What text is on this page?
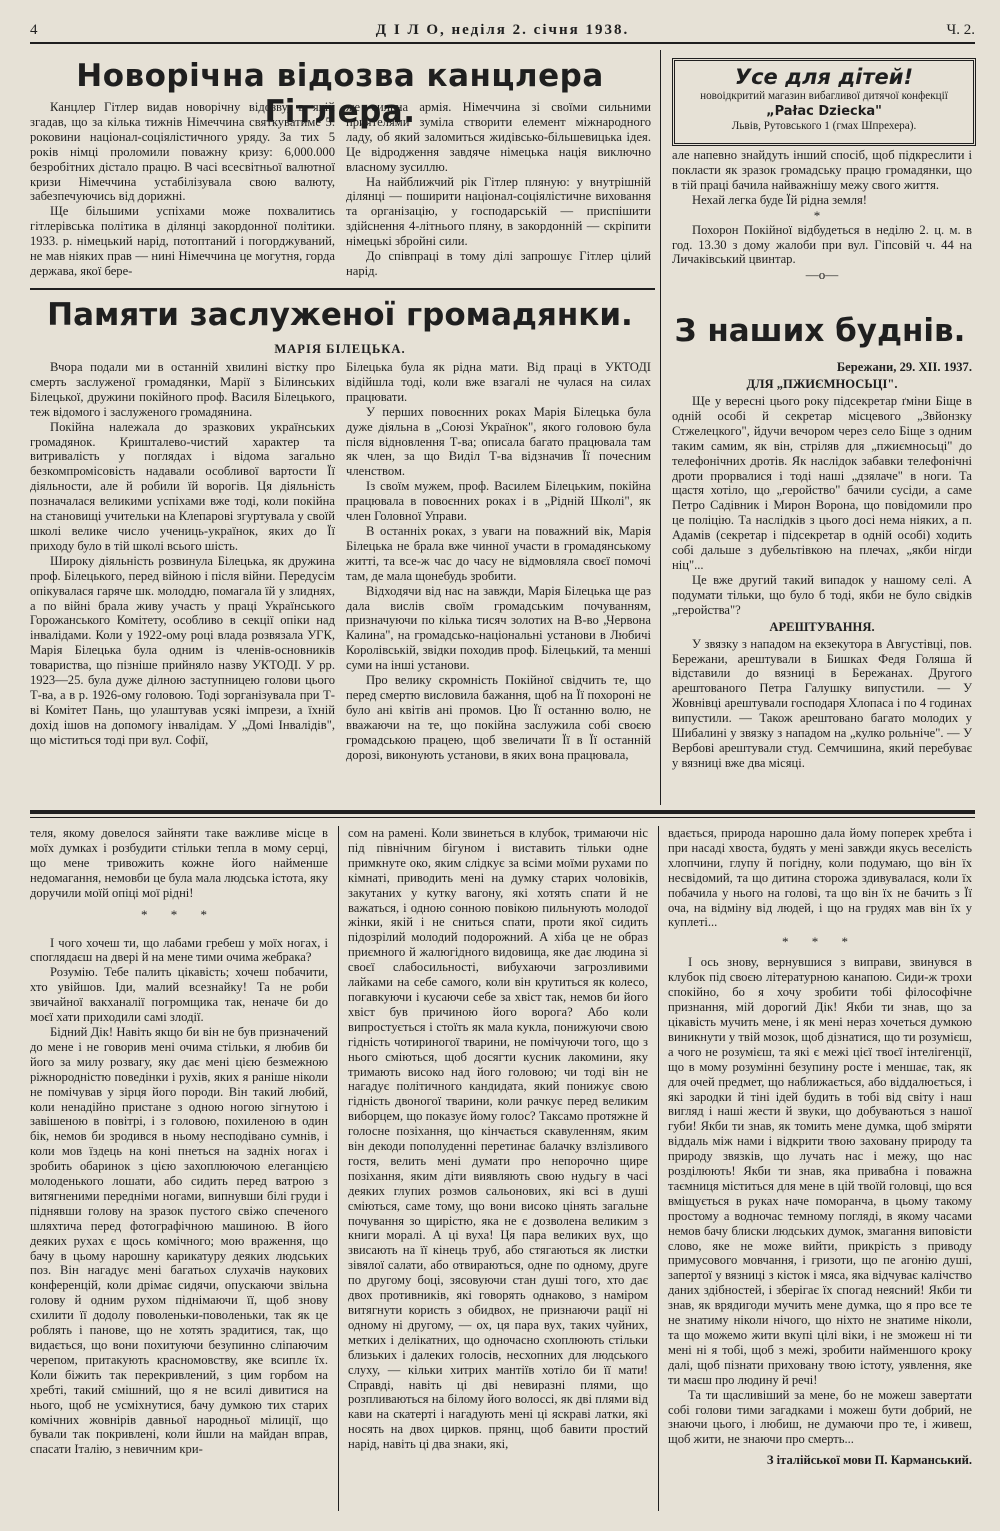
4	Д І Л О, неділя 2. січня 1938.	Ч. 2.
Новорічна відозва канцлера Гітлера.

Канцлер Гітлер видав новорічну відозву, в якій згадав, що за кілька тижнів Німеччина святкуватиме 5. роковини націонал-соціялістичного уряду. За тих 5 років німці проломили поважну кризу: 6,000.000 безробітних дістало працю. В часі всесвітньої валютної кризи Німеччина устабілізувала свою валюту, забезпечуючись від дорижні.

Ще більшими успіхами може похвалитись гітлерівська політика в ділянці закордонної політики. 1933. р. німецький нарід, потоптаний і погорджуваний, не мав ніяких прав — нині Німеччина це могутня, горда держава, якої бере-

же сильна армія. Німеччина зі своїми сильними приятелями зуміла створити елемент міжнародного ладу, об який заломиться жидівсько-більшевицька ідея. Це відродження завдяче німецька нація виключно власному зусиллю.

На найближчий рік Гітлер пляную: у внутрішній ділянці — поширити націонал-соціялістичне виховання та організацію, у господарській — приспішити здійснення 4-літнього пляну, в закордонній — скріпити німецькі збройні сили.

До співпраці в тому ділі запрошує Гітлер цілий нарід.

Усе для дітей!
новоідкритий магазин вибагливої дитячої конфекції
„Pałac Dziecka"
Львів, Рутовського 1 (гмах Шпрехера).

але напевно знайдуть інший спосіб, щоб підкреслити і покласти як зразок громадську працю громадянки, що в тій праці бачила найважнішу межу свого життя.

Нехай легка буде Їй рідна земля!

*

Похорон Покійної відбудеться в неділю 2. ц. м. в год. 13.30 з дому жалоби при вул. Гіпсовій ч. 44 на Личаківський цвинтар.

—o—
Памяти заслуженої громадянки.
МАРІЯ БІЛЕЦЬКА.

Вчора подали ми в останній хвилині вістку про смерть заслуженої громадянки, Марії з Білинських Білецької, дружини покійного проф. Василя Білецького, теж відомого і заслуженого громадянина.

Покійна належала до зразкових українських громадянок. Кришталево-чистий характер та витривалість у поглядах і відома загально безкомпромісовість надавали особливої вартости Її діяльности, але й робили їй ворогів. Ця діяльність позначалася великими успіхами вже тоді, коли покійна на становищі учительки на Клепарові згуртувала у своїй школі велике число учениць-українок, яких до Її приходу було в тій школі всього шість.

Широку діяльність розвинула Білецька, як дружина проф. Білецького, перед війною і після війни. Передусім опікувалася гаряче шк. молоддю, помагала їй у злиднях, а по війні брала живу участь у праці Українського Горожанського Комітету, особливо в секції опіки над інвалідами. Коли у 1922-ому році влада розвязала УГК, Марія Білецька була одним із членів-основників товариства, що пізніше прийняло назву УКТОДІ. У рр. 1923—25. була дуже ділною заступницею голови цього Т-ва, а в р. 1926-ому головою. Тоді зорганізувала при Т-ві Комітет Пань, що улаштував усякі імпрези, а їхній дохід ішов на допомогу інвалідам. У „Домі Інвалідів", що міститься тоді при вул. Софії,

Білецька була як рідна мати. Від праці в УКТОДІ відійшла тоді, коли вже взагалі не чулася на силах працювати.

У перших повоєнних роках Марія Білецька була дуже діяльна в „Союзі Українок", якого головою була після відновлення Т-ва; описала багато працювала там як член, за що Виділ Т-ва відзначив Її почесним членством.

Із своїм мужем, проф. Василем Білецьким, покійна працювала в повоєнних роках і в „Рідній Школі", як член Головної Управи.

В останніх роках, з уваги на поважний вік, Марія Білецька не брала вже чинної участи в громадянському житті, та все-ж час до часу не відмовляла своєї помочі там, де мала щонебудь зробити.

Відходячи від нас на завжди, Марія Білецька ще раз дала вислів своїм громадським почуванням, призначуючи по кілька тисяч золотих на В-во „Червона Калина", на громадсько-національні установи в Любичі Королівській, звідки походив проф. Білецький, та менші суми на інші установи.

Про велику скромність Покійної свідчить те, що перед смертю висловила бажання, щоб на Її похороні не було ані квітів ані промов. Цю Її останню волю, не вважаючи на те, що покійна заслужила собі своєю громадською працею, щоб звеличати Її в Її останній дорозі, виконують установи, в яких вона працювала,

З наших буднів.
Бережани, 29. XII. 1937.
ДЛЯ „ПЖИЄМНОСЬЦІ".

Ще у вересні цього року підсекретар ґміни Біще в одній особі й секретар місцевого „Звйонзку Стжелецкого", йдучи вечором через село Біще з одним таким самим, як він, стріляв для „пжиємносьці" до телефонічних дротів. Як наслідок забавки телефонічні дроти прорвалися і тоді наші „дзялаче" в ноги. Та щастя хотіло, що „геройство" бачили сусіди, а саме Петро Садівник і Мирон Ворона, що повідомили про це поліцію. Та наслідків з цього досі нема ніяких, а п. Адамів (секретар і підсекретар в одній особі) ходить собі дальше з дубельтівкою на плечах, „якби нігди ніц"...

Це вже другий такий випадок у нашому селі. А подумати тільки, що було б тоді, якби не було свідків „геройства"?

АРЕШТУВАННЯ.

У звязку з нападом на екзекутора в Августівці, пов. Бережани, арештували в Бишках Федя Голяша й відставили до вязниці в Бережанах. Другого арештованого Петра Галушку випустили. — У Жовнівці арештували господаря Хлопаса і по 4 годинах випустили. — Також арештовано багато молодих у Шибалині у звязку з нападом на „кулко рольніче". — У Вербові арештували студ. Семчишина, який перебуває у вязниці вже два місяці.

теля, якому довелося зайняти таке важливе місце в моїх думках і розбудити стільки тепла в мому серці, що мене тривожить кожне його найменше недомагання, немовби це була мала людська істота, яку доручили моїй опіці мої рідні!

* * *

І чого хочеш ти, що лабами гребеш у моїх ногах, і споглядаєш на двері й на мене тими очима жебрака?

Розумію. Тебе палить цікавість; хочеш побачити, хто увійшов. Іди, малий всезнайку! Та не роби звичайної вакханалії погромщика так, неначе би до моєї хати приходили самі злодії.

Бідний Дік! Навіть якщо би він не був призначений до мене і не говорив мені очима стільки, я любив би його за милу розвагу, яку дає мені цією безмежною ріжнородністю поведінки і рухів, яких я раніше ніколи не помічував у зірця його породи. Він такий любий, коли ненадійно пристане з одною ногою зігнутою і завішеною в повітрі, і з головою, похиленою в один бік, немов би зродився в ньому несподівано сумнів, і коли мов їздець на коні пнеться на задніх ногах і зробить обаринок з цією захоплюючою елеганцією молоденького лошати, або сидить перед ватрою з витягненими передніми ногами, випнувши білі груди і піднявши голову на зразок пустого свіжо спеченого шляхтича перед фотографічною машиною. В його деяких рухах є щось комічного; мою враження, що бачу в цьому нарошну карикатуру деяких людських поз. Він нагадує мені багатьох слухачів наукових конференцій, коли дрімає сидячи, опускаючи звільна голову й одним рухом піднімаючи її, щоб знову схилити її додолу поволеньки-поволеньки, так як це роблять і панове, що не хотять зрадитися, так, що видається, що вони похитуючи безупинно сліпаючим черепом, притакують красномовству, яке всиплє їх. Коли біжить так перекривлений, з цим горбом на хребті, такий смішний, що я не всилі дивитися на нього, щоб не усміхнутися, бачу думкою тих старих комічних жовнірів давньої народньої мілиції, що бували так покривлені, коли йшли на майдан вправ, спасати Італію, з невичним кри-

сом на рамені. Коли звинеться в клубок, тримаючи ніс під північним бігуном і виставить тільки одне примкнуте око, яким слідкує за всіми моїми рухами по кімнаті, приводить мені на думку старих чоловіків, закутаних у кутку вагону, які хотять спати й не важаться, і одною сонною повікою пильнують молодої жінки, якій і не сниться спати, проти якої сидить підозрілий молодий подорожний. А хіба це не образ приємного й жалюгідного видовища, яке дає людина зі своєї слабосильності, вибухаючи загрозливими лайками на себе самого, коли він крутиться як колесо, погавкуючи і кусаючи себе за хвіст так, немов би його хвіст був причиною його ворога? Або коли випростується і стоїть як мала кукла, понижуючи свою гідність чотириногої тварини, не помічуючи того, що з нього сміються, щоб досягти кусник лакомини, яку тримають високо над його головою; чи тоді він не нагадує політичного кандидата, який понижує свою гідність двоногої тварини, коли рачкує перед великим виборцем, що показує йому голос? Таксамо протяжне й голосне позіхання, що кінчається скавуленням, яким він декоди пополуденні перетинає балачку взлізливого гостя, велить мені думати про непорочно щире позіхання, яким діти виявляють свою нудьгу в часі деяких глупих розмов сальонових, які всі в душі сміються, саме тому, що вони високо цінять загальне почування зо щирістю, яка не є дозволена великим з книги моралі. А ці вуха! Ця пара великих вух, що звисають на її кінець труб, або стягаються як листки зівялої салати, або отвираються, одне по одному, друге по другому боці, зясовуючи стан душі того, хто дає двох противників, які говорять однаково, з наміром витягнути користь з обидвох, не признаючи рації ні одному ні другому, — ох, ця пара вух, таких чуйних, метких і делікатних, що одночасно схоплюють стільки близьких і далеких голосів, несхопних для людського слуху, — кільки хитрих мантіїв хотіло би її мати! Справді, навіть ці дві невиразні плями, що розпливаються на білому його волоссі, як дві плями від кави на скатерті і нагадують мені ці яскраві латки, які носять на двох цирков. прянц, щоб бавити простий нарід, навіть ці два знаки, які,

вдається, природа нарошно дала йому поперек хребта і при насаді хвоста, будять у мені завжди якусь веселість хлопчини, глупу й погідну, коли подумаю, що він їх несвідомий, та що дитина сторожа здивувалася, коли їх побачила у нього на голові, та що він їх не бачить з Її оча, на відміну від людей, і що на грудях мав він їх у куплеті...

* * *

І ось знову, вернувшися з виправи, звинувся в клубок під своєю літературною канапою. Сиди-ж трохи спокійно, бо я хочу зробити тобі філософічне признання, мій дорогий Дік! Якби ти знав, що за цікавість мучить мене, і як мені нераз хочеться думкою виникнути у твій мозок, щоб дізнатися, що ти розумієш, а чого не розумієш, та які є межі цієї твоєї інтелігенції, що в мому розумінні безупину росте і меншає, так, як для очей предмет, що наближається, або віддалюється, і які зародки й тіні ідей будить в тобі від світу і наш вигляд і наші жести й звуки, що добуваються з нашої губи! Якби ти знав, як томить мене думка, щоб зміряти віддаль між нами і відкрити твою заховану природу та природу звязків, що лучать нас і межу, що нас розділюють! Якби ти знав, яка привабна і поважна таємниця міститься для мене в цій твоїй головці, що вся вміщується в руках наче поморанча, в цьому такому простому а водночас темному погляді, в якому часами немов бачу блиски людських думок, змагання виповісти слово, яке не може вийти, прикрість з приводу примусового мовчання, і гризоти, що пе агонію душі, запертої у вязниці з кісток і мяса, яка відчуває калічство даних здібностей, і зберігає їх спогад неясний! Якби ти знав, як врядигоди мучить мене думка, що я про все те не знатиму ніколи нічого, що ніхто не знатиме ніколи, та що можемо жити вкупі цілі віки, і не зможеш ні ти мені ні я тобі, щоб з межі, зробити найменшого кроку далі, щоб пізнати приховану твою істоту, уявлення, яке ти маєш про людину й речі!

Та ти щасливіший за мене, бо не можеш завертати собі голови тими загадками і можеш бути добрий, не знаючи цього, і любиш, не думаючи про те, і живеш, щоб жити, не знаючи про смерть...

З італійської мови П. Карманський.
